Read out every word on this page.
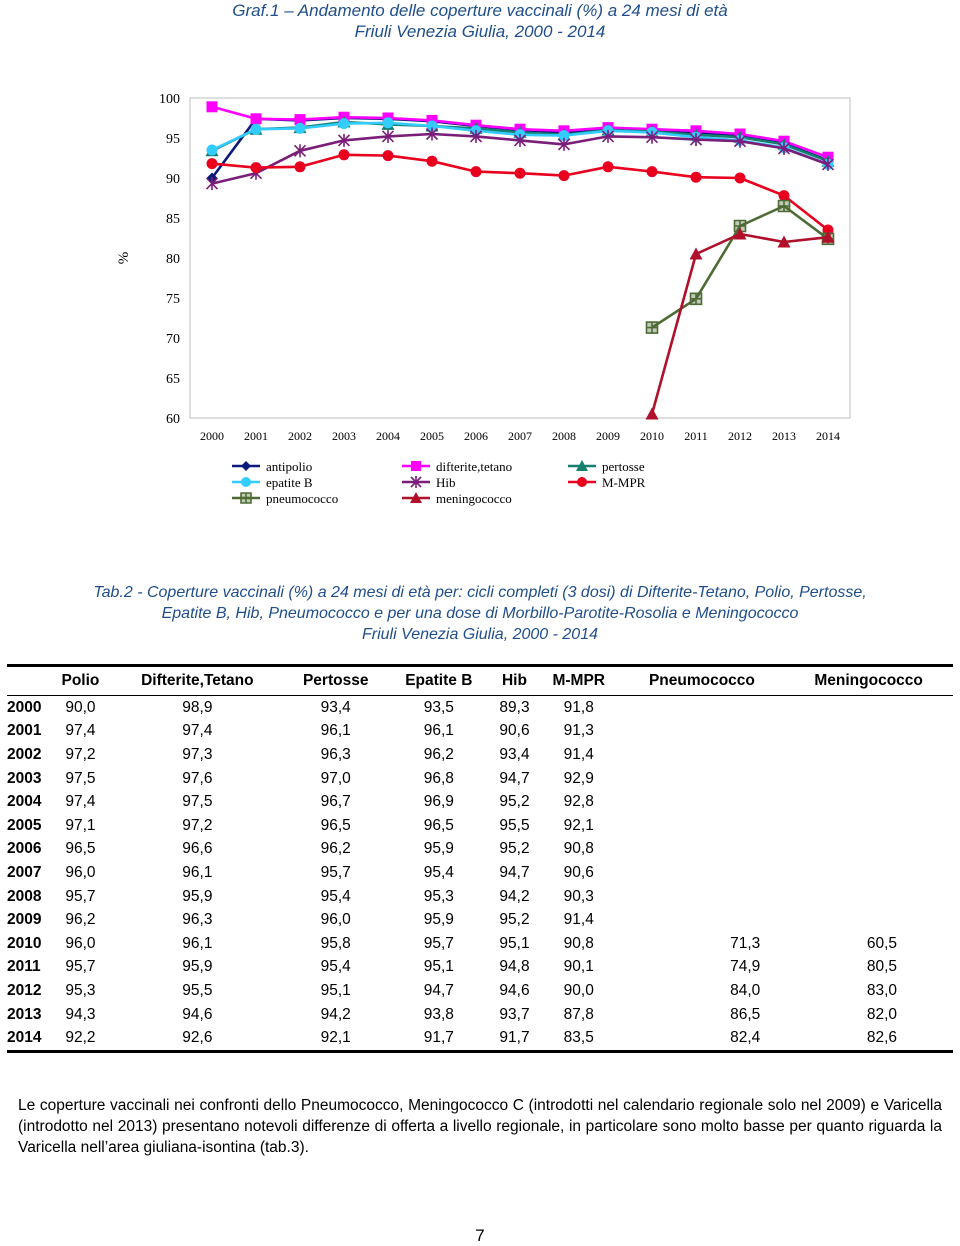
Graf.1 – Andamento delle coperture vaccinali (%) a 24 mesi di età
Friuli Venezia Giulia, 2000 - 2014
100
95
90
85
80
75
70
65
60
%
2000 2001 2002 2003 2004 2005 2006 2007 2008 2009 2010 2011 2012 2013 2014
antipolio	difterite,tetano	pertosse
epatite B	Hib	M-MPR
pneumococco	meningococco
Tab.2 - Coperture vaccinali (%) a 24 mesi di età per: cicli completi (3 dosi) di Difterite-Tetano, Polio, Pertosse,
Epatite B, Hib, Pneumococco e per una dose di Morbillo-Parotite-Rosolia e Meningococco
Friuli Venezia Giulia, 2000 - 2014
	Polio	Difterite,Tetano	Pertosse	Epatite B	Hib	M-MPR	Pneumococco	Meningococco
2000	90,0	98,9	93,4	93,5	89,3	91,8		
2001	97,4	97,4	96,1	96,1	90,6	91,3		
2002	97,2	97,3	96,3	96,2	93,4	91,4		
2003	97,5	97,6	97,0	96,8	94,7	92,9		
2004	97,4	97,5	96,7	96,9	95,2	92,8		
2005	97,1	97,2	96,5	96,5	95,5	92,1		
2006	96,5	96,6	96,2	95,9	95,2	90,8		
2007	96,0	96,1	95,7	95,4	94,7	90,6		
2008	95,7	95,9	95,4	95,3	94,2	90,3		
2009	96,2	96,3	96,0	95,9	95,2	91,4		
2010	96,0	96,1	95,8	95,7	95,1	90,8	71,3	60,5
2011	95,7	95,9	95,4	95,1	94,8	90,1	74,9	80,5
2012	95,3	95,5	95,1	94,7	94,6	90,0	84,0	83,0
2013	94,3	94,6	94,2	93,8	93,7	87,8	86,5	82,0
2014	92,2	92,6	92,1	91,7	91,7	83,5	82,4	82,6
Le coperture vaccinali nei confronti dello Pneumococco, Meningococco C (introdotti nel calendario regionale solo nel 2009) e Varicella (introdotto nel 2013) presentano notevoli differenze di offerta a livello regionale, in particolare sono molto basse per quanto riguarda la Varicella nell’area giuliana-isontina (tab.3).
7
